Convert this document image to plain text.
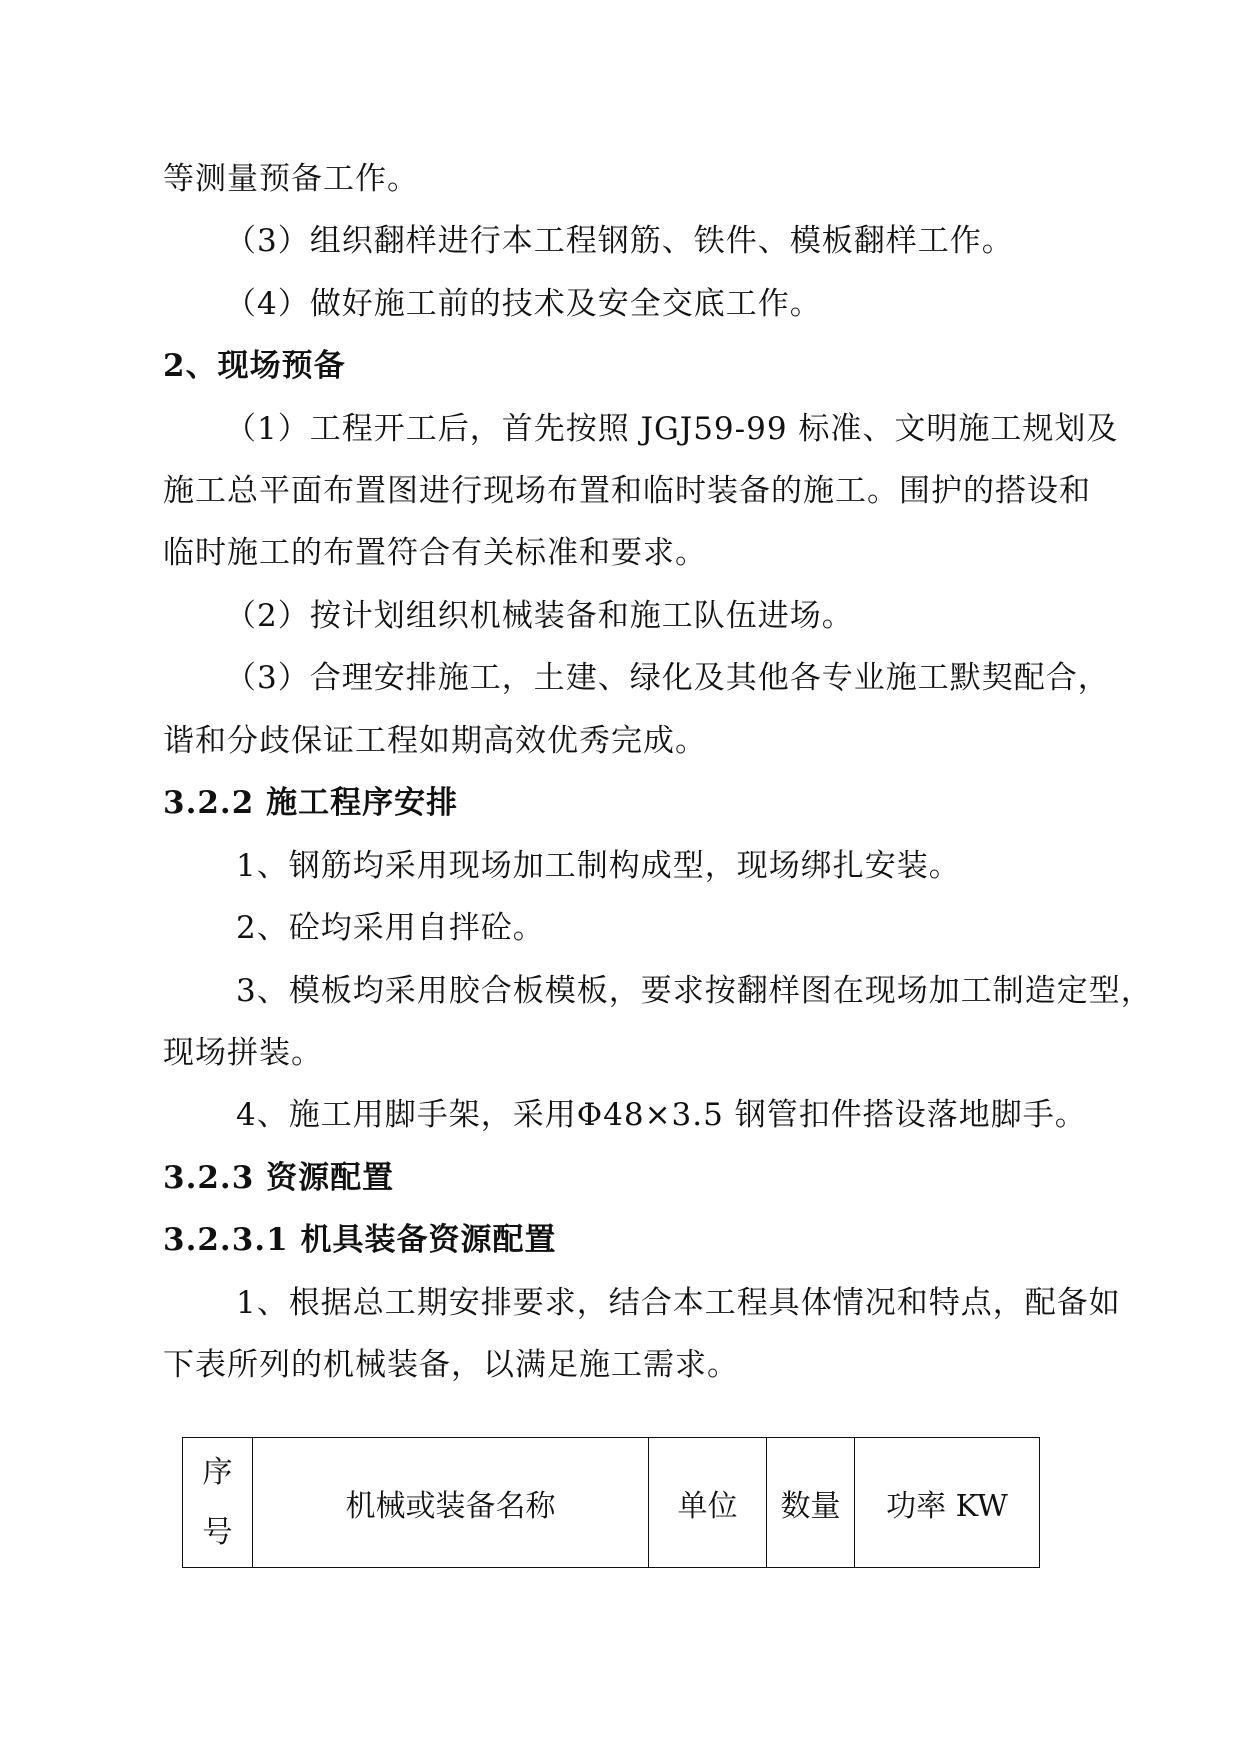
等测量预备工作。
（3）组织翻样进行本工程钢筋、铁件、模板翻样工作。
（4）做好施工前的技术及安全交底工作。
2、现场预备
（1）工程开工后，首先按照 JGJ59-99 标准、文明施工规划及
施工总平面布置图进行现场布置和临时装备的施工。围护的搭设和
临时施工的布置符合有关标准和要求。
（2）按计划组织机械装备和施工队伍进场。
（3）合理安排施工，土建、绿化及其他各专业施工默契配合，
谐和分歧保证工程如期高效优秀完成。
3.2.2 施工程序安排
1、钢筋均采用现场加工制构成型，现场绑扎安装。
2、砼均采用自拌砼。
3、模板均采用胶合板模板，要求按翻样图在现场加工制造定型，
现场拼装。
4、施工用脚手架，采用Φ48×3.5 钢管扣件搭设落地脚手。
3.2.3 资源配置
3.2.3.1 机具装备资源配置
1、根据总工期安排要求，结合本工程具体情况和特点，配备如
下表所列的机械装备，以满足施工需求。
序号	机械或装备名称	单位	数量	功率 KW
